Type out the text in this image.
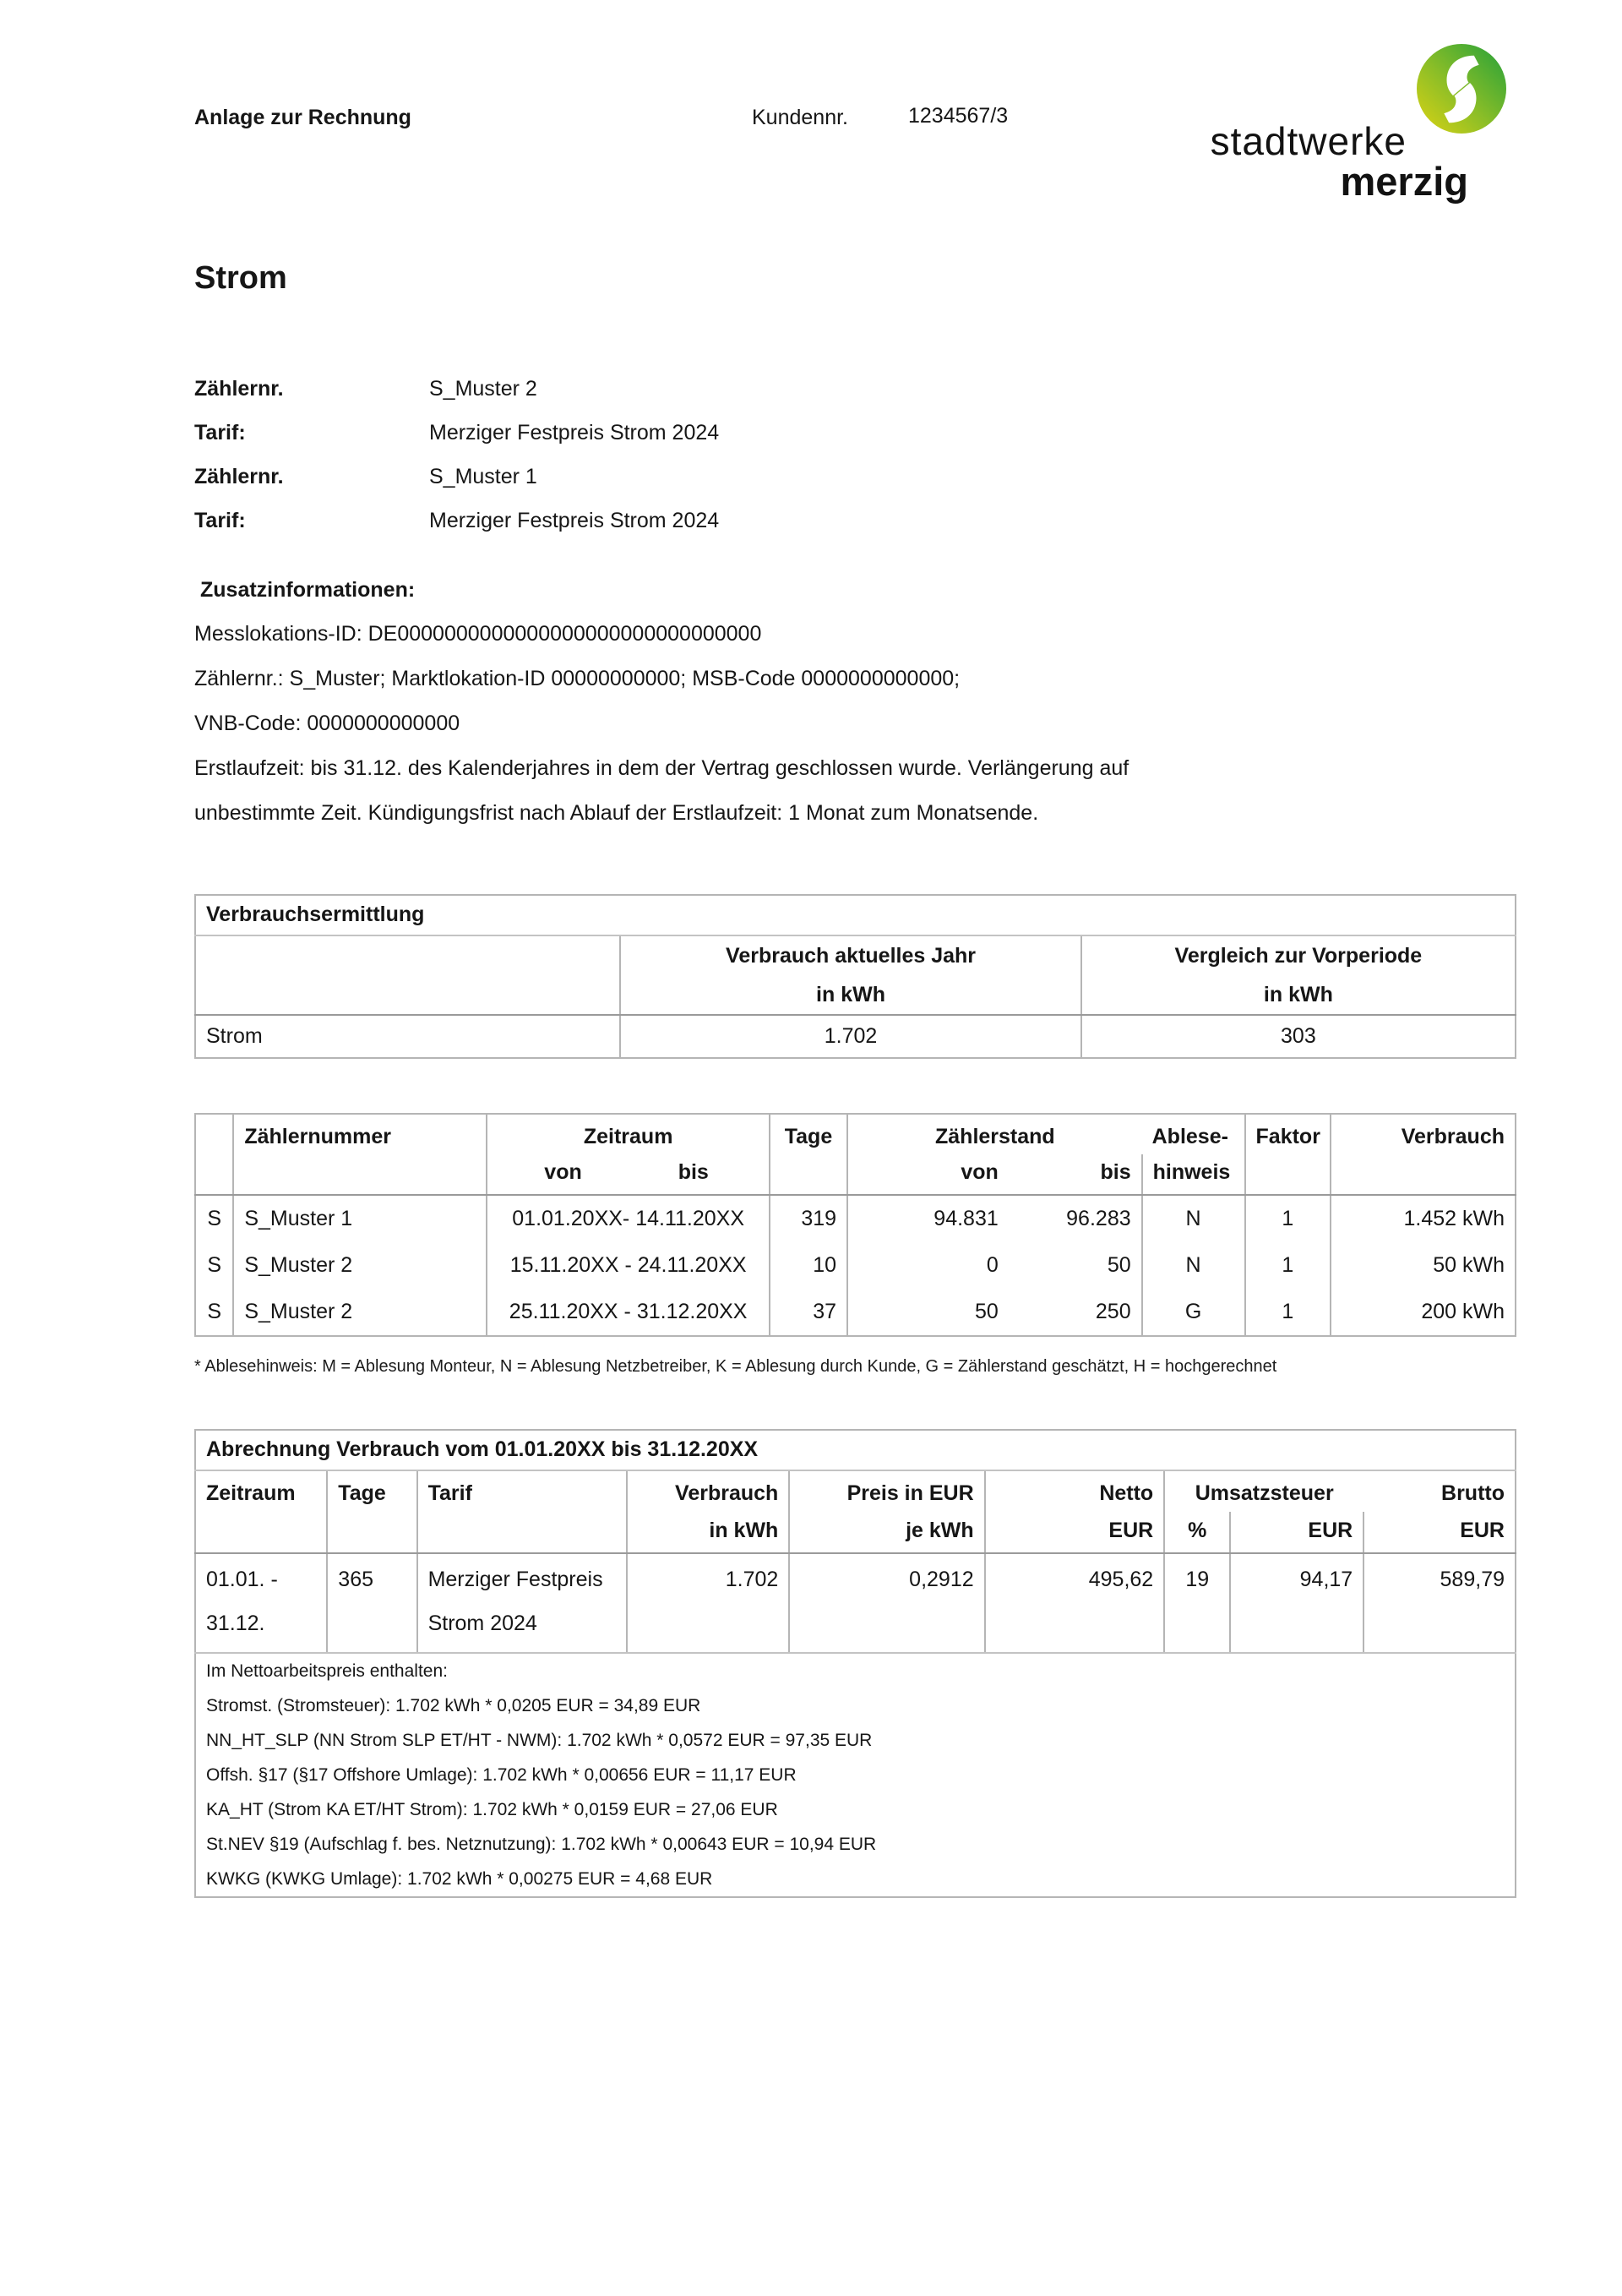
Anlage zur Rechnung	Kundennr.	1234567/3
stadtwerke
merzig
Strom
Zählernr.	S_Muster 2
Tarif:	Merziger Festpreis Strom 2024
Zählernr.	S_Muster 1
Tarif:	Merziger Festpreis Strom 2024
Zusatzinformationen:
Messlokations-ID: DE0000000000000000000000000000000
Zählernr.: S_Muster; Marktlokation-ID 00000000000; MSB-Code 0000000000000;
VNB-Code: 0000000000000
Erstlaufzeit: bis 31.12. des Kalenderjahres in dem der Vertrag geschlossen wurde. Verlängerung auf
unbestimmte Zeit. Kündigungsfrist nach Ablauf der Erstlaufzeit: 1 Monat zum Monatsende.
Verbrauchsermittlung		

Verbrauch aktuelles Jahr
in kWh

Vergleich zur Vorperiode
in kWh

Strom	1.702	303
	Zählernummer	Zeitraum	Tage	Zählerstand		Ablese-	Faktor	Verbrauch

		von bis		von	bis	hinweis		
S	S_Muster 1	01.01.20XX- 14.11.20XX	319	94.831	96.283	N	1	1.452 kWh
S	S_Muster 2	15.11.20XX - 24.11.20XX	10	0	50	N	1	50 kWh
S	S_Muster 2	25.11.20XX - 31.12.20XX	37	50	250	G	1	200 kWh
* Ablesehinweis: M = Ablesung Monteur, N = Ablesung Netzbetreiber, K = Ablesung durch Kunde, G = Zählerstand geschätzt, H = hochgerechnet
Abrechnung Verbrauch vom 01.01.20XX bis 31.12.20XX								
Zeitraum	Tage	Tarif	Verbrauch	Preis in EUR	Netto	Umsatzsteuer		Brutto
			in kWh	je kWh	EUR	%	EUR	EUR

01.01. -
31.12.	365	Merziger Festpreis Strom 2024	1.702	0,2912	495,62	19	94,17	589,79

Im Nettoarbeitspreis enthalten:
Stromst. (Stromsteuer): 1.702 kWh * 0,0205 EUR = 34,89 EUR
NN_HT_SLP (NN Strom SLP ET/HT - NWM): 1.702 kWh * 0,0572 EUR = 97,35 EUR
Offsh. §17 (§17 Offshore Umlage): 1.702 kWh * 0,00656 EUR = 11,17 EUR
KA_HT (Strom KA ET/HT Strom): 1.702 kWh * 0,0159 EUR = 27,06 EUR
St.NEV §19 (Aufschlag f. bes. Netznutzung): 1.702 kWh * 0,00643 EUR = 10,94 EUR
KWKG (KWKG Umlage): 1.702 kWh * 0,00275 EUR = 4,68 EUR
